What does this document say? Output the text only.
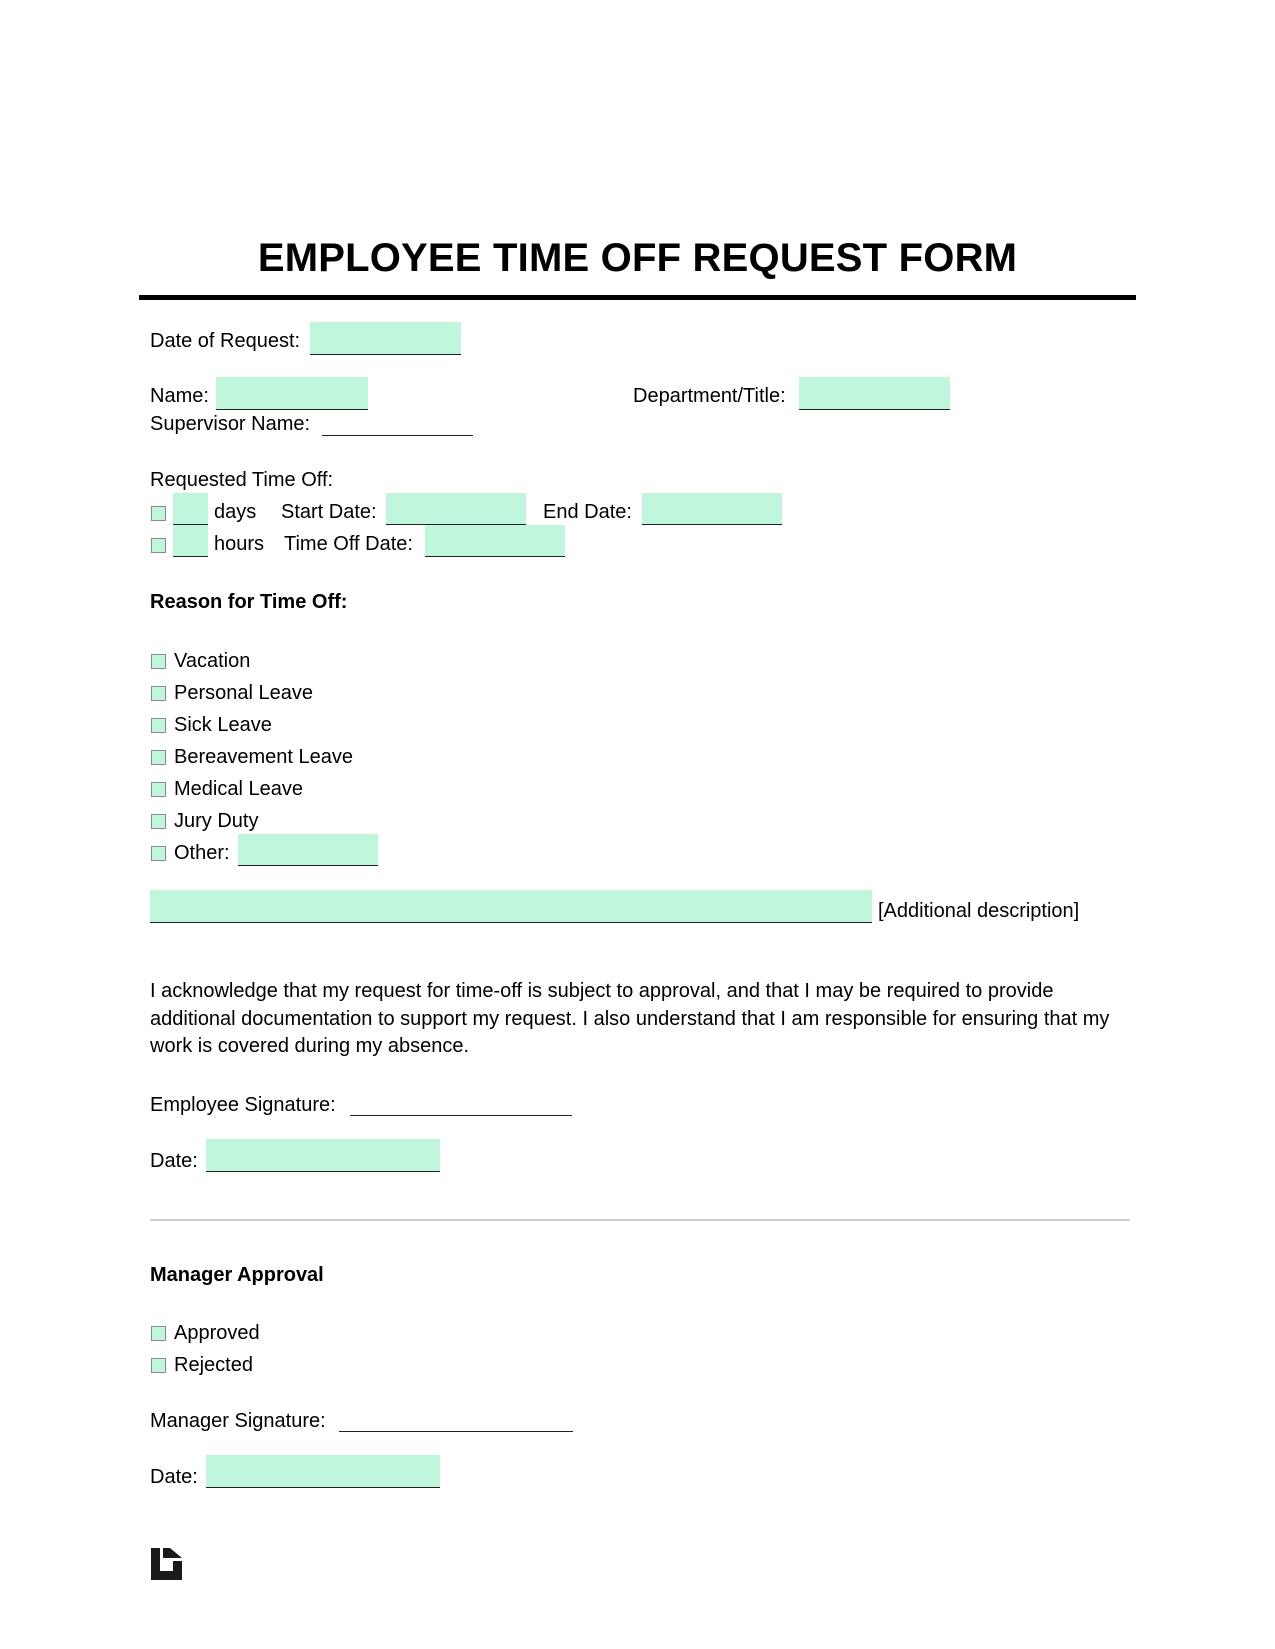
EMPLOYEE TIME OFF REQUEST FORM
Date of Request:
Name:	Department/Title:
Supervisor Name:
Requested Time Off:
days Start Date:	End Date:
hours Time Off Date:
Reason for Time Off:
Vacation
Personal Leave
Sick Leave
Bereavement Leave
Medical Leave
Jury Duty
Other:
[Additional description]
I acknowledge that my request for time-off is subject to approval, and that I may be required to provide additional documentation to support my request. I also understand that I am responsible for ensuring that my work is covered during my absence.
Employee Signature:
Date:
Manager Approval
Approved
Rejected
Manager Signature:
Date:
